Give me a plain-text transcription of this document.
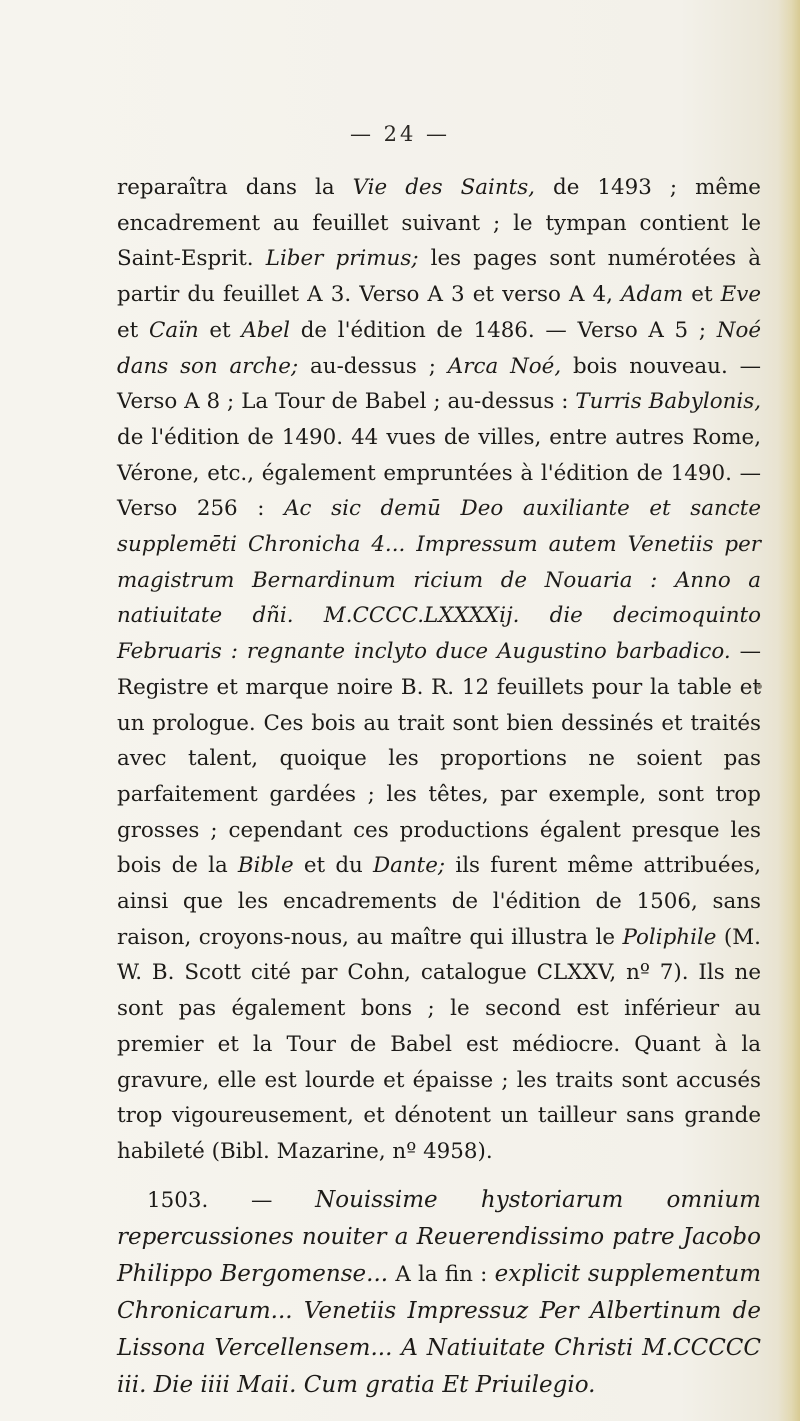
— 24 —

reparaîtra dans la Vie des Saints, de 1493 ; même encadrement au feuillet suivant ; le tympan contient le Saint-Esprit. Liber primus; les pages sont numérotées à partir du feuillet A 3. Verso A 3 et verso A 4, Adam et Eve et Caïn et Abel de l'édition de 1486. — Verso A 5 ; Noé dans son arche; au-dessus ; Arca Noé, bois nouveau. — Verso A 8 ; La Tour de Babel ; au-dessus : Turris Babylonis, de l'édition de 1490. 44 vues de villes, entre autres Rome, Vérone, etc., également empruntées à l'édition de 1490. — Verso 256 : Ac sic demū Deo auxiliante et sancte supplemēti Chronicha 4... Impressum autem Venetiis per magistrum Bernardinum ricium de Nouaria : Anno a natiuitate dñi. M.CCCC.LXXXXij. die decimoquinto Februaris : regnante inclyto duce Augustino barbadico. — Registre et marque noire B. R. 12 feuillets pour la table et un prologue. Ces bois au trait sont bien dessinés et traités avec talent, quoique les proportions ne soient pas parfaitement gardées ; les têtes, par exemple, sont trop grosses ; cependant ces productions égalent presque les bois de la Bible et du Dante; ils furent même attribuées, ainsi que les encadrements de l'édition de 1506, sans raison, croyons-nous, au maître qui illustra le Poliphile (M. W. B. Scott cité par Cohn, catalogue CLXXV, nº 7). Ils ne sont pas également bons ; le second est inférieur au premier et la Tour de Babel est médiocre. Quant à la gravure, elle est lourde et épaisse ; les traits sont accusés trop vigoureusement, et dénotent un tailleur sans grande habileté (Bibl. Mazarine, nº 4958).

1503. — Nouissime hystoriarum omnium repercussiones nouiter a Reuerendissimo patre Jacobo Philippo Bergomense... A la fin : explicit supplementum Chronicarum... Venetiis Impressuz Per Albertinum de Lissona Vercellensem... A Natiuitate Christi M.CCCCC iii. Die iiii Maii. Cum gratia Et Priuilegio.
